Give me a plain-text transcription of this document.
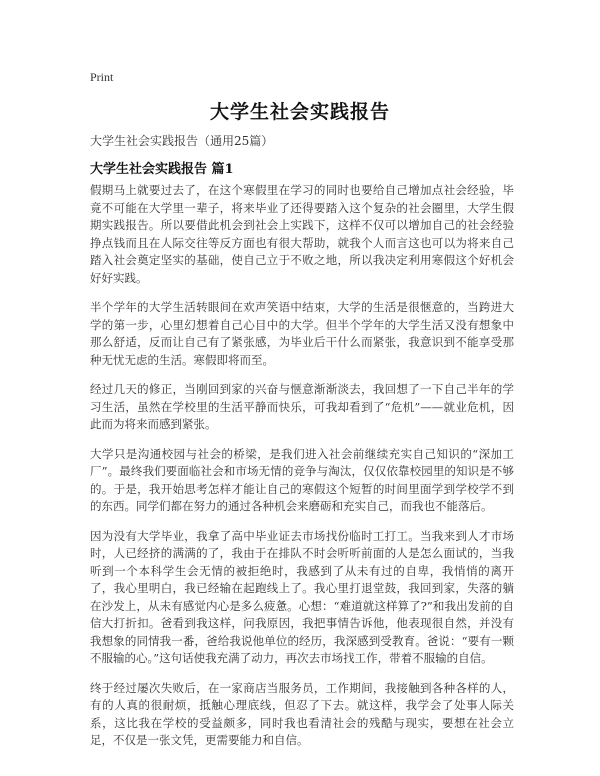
Print
大学生社会实践报告
大学生社会实践报告（通用25篇）
大学生社会实践报告 篇1

假期马上就要过去了，在这个寒假里在学习的同时也要给自己增加点社会经验，毕竟不可能在大学里一辈子，将来毕业了还得要踏入这个复杂的社会圈里，大学生假期实践报告。所以要借此机会到社会上实践下，这样不仅可以增加自己的社会经验挣点钱而且在人际交往等反方面也有很大帮助，就我个人而言这也可以为将来自己踏入社会奠定坚实的基础，使自己立于不败之地，所以我决定利用寒假这个好机会好好实践。

半个学年的大学生活转眼间在欢声笑语中结束，大学的生活是很惬意的，当跨进大学的第一步，心里幻想着自己心目中的大学。但半个学年的大学生活又没有想象中那么舒适，反而让自己有了紧张感，为毕业后干什么而紧张，我意识到不能享受那种无忧无虑的生活。寒假即将而至。

经过几天的修正，当刚回到家的兴奋与惬意渐渐淡去，我回想了一下自己半年的学习生活，虽然在学校里的生活平静而快乐，可我却看到了“危机”——就业危机，因此而为将来而感到紧张。

大学只是沟通校园与社会的桥梁，是我们进入社会前继续充实自己知识的“深加工厂”。最终我们要面临社会和市场无情的竞争与淘汰，仅仅依靠校园里的知识是不够的。于是，我开始思考怎样才能让自己的寒假这个短暂的时间里面学到学校学不到的东西。同学们都在努力的通过各种机会来磨砺和充实自己，而我也不能落后。

因为没有大学毕业，我拿了高中毕业证去市场找份临时工打工。当我来到人才市场时，人已经挤的满满的了，我由于在排队不时会听听前面的人是怎么面试的，当我听到一个本科学生会无情的被拒绝时，我感到了从未有过的自卑，我悄悄的离开了，我心里明白，我已经输在起跑线上了。我心里打退堂鼓，我回到家，失落的躺在沙发上，从未有感觉内心是多么疲惫。心想：“难道就这样算了?”和我出发前的自信大打折扣。爸看到我这样，问我原因，我把事情告诉他，他表现很自然，并没有我想象的同情我一番，爸给我说他单位的经历，我深感到受教育。爸说：“要有一颗不服输的心。”这句话使我充满了动力，再次去市场找工作，带着不服输的自信。

终于经过屡次失败后，在一家商店当服务员，工作期间，我接触到各种各样的人，有的人真的很耐烦，抵触心理底线，但忍了下去。就这样，我学会了处事人际关系，这比我在学校的受益颇多，同时我也看清社会的残酷与现实，要想在社会立足，不仅是一张文凭，更需要能力和自信。
